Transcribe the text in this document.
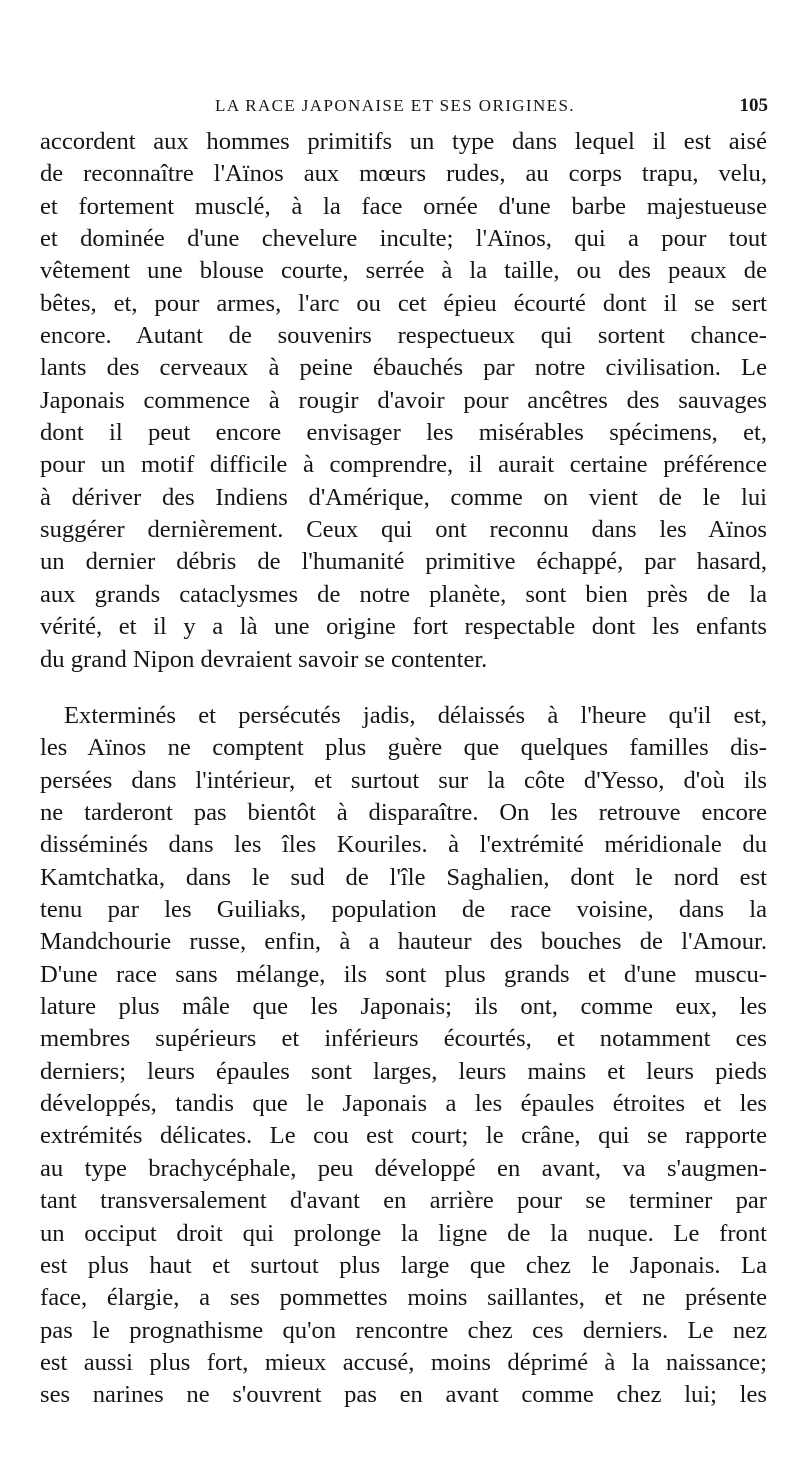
LA RACE JAPONAISE ET SES ORIGINES.	105

accordent aux hommes primitifs un type dans lequel il est aisé
de reconnaître l'Aïnos aux mœurs rudes, au corps trapu, velu,
et fortement musclé, à la face ornée d'une barbe majestueuse
et dominée d'une chevelure inculte; l'Aïnos, qui a pour tout
vêtement une blouse courte, serrée à la taille, ou des peaux de
bêtes, et, pour armes, l'arc ou cet épieu écourté dont il se sert
encore. Autant de souvenirs respectueux qui sortent chance-
lants des cerveaux à peine ébauchés par notre civilisation. Le
Japonais commence à rougir d'avoir pour ancêtres des sauvages
dont il peut encore envisager les misérables spécimens, et,
pour un motif difficile à comprendre, il aurait certaine préférence
à dériver des Indiens d'Amérique, comme on vient de le lui
suggérer dernièrement. Ceux qui ont reconnu dans les Aïnos
un dernier débris de l'humanité primitive échappé, par hasard,
aux grands cataclysmes de notre planète, sont bien près de la
vérité, et il y a là une origine fort respectable dont les enfants
du grand Nipon devraient savoir se contenter.

Exterminés et persécutés jadis, délaissés à l'heure qu'il est,
les Aïnos ne comptent plus guère que quelques familles dis-
persées dans l'intérieur, et surtout sur la côte d'Yesso, d'où ils
ne tarderont pas bientôt à disparaître. On les retrouve encore
disséminés dans les îles Kouriles. à l'extrémité méridionale du
Kamtchatka, dans le sud de l'île Saghalien, dont le nord est
tenu par les Guiliaks, population de race voisine, dans la
Mandchourie russe, enfin, à a hauteur des bouches de l'Amour.
D'une race sans mélange, ils sont plus grands et d'une muscu-
lature plus mâle que les Japonais; ils ont, comme eux, les
membres supérieurs et inférieurs écourtés, et notamment ces
derniers; leurs épaules sont larges, leurs mains et leurs pieds
développés, tandis que le Japonais a les épaules étroites et les
extrémités délicates. Le cou est court; le crâne, qui se rapporte
au type brachycéphale, peu développé en avant, va s'augmen-
tant transversalement d'avant en arrière pour se terminer par
un occiput droit qui prolonge la ligne de la nuque. Le front
est plus haut et surtout plus large que chez le Japonais. La
face, élargie, a ses pommettes moins saillantes, et ne présente
pas le prognathisme qu'on rencontre chez ces derniers. Le nez
est aussi plus fort, mieux accusé, moins déprimé à la naissance;
ses narines ne s'ouvrent pas en avant comme chez lui; les
